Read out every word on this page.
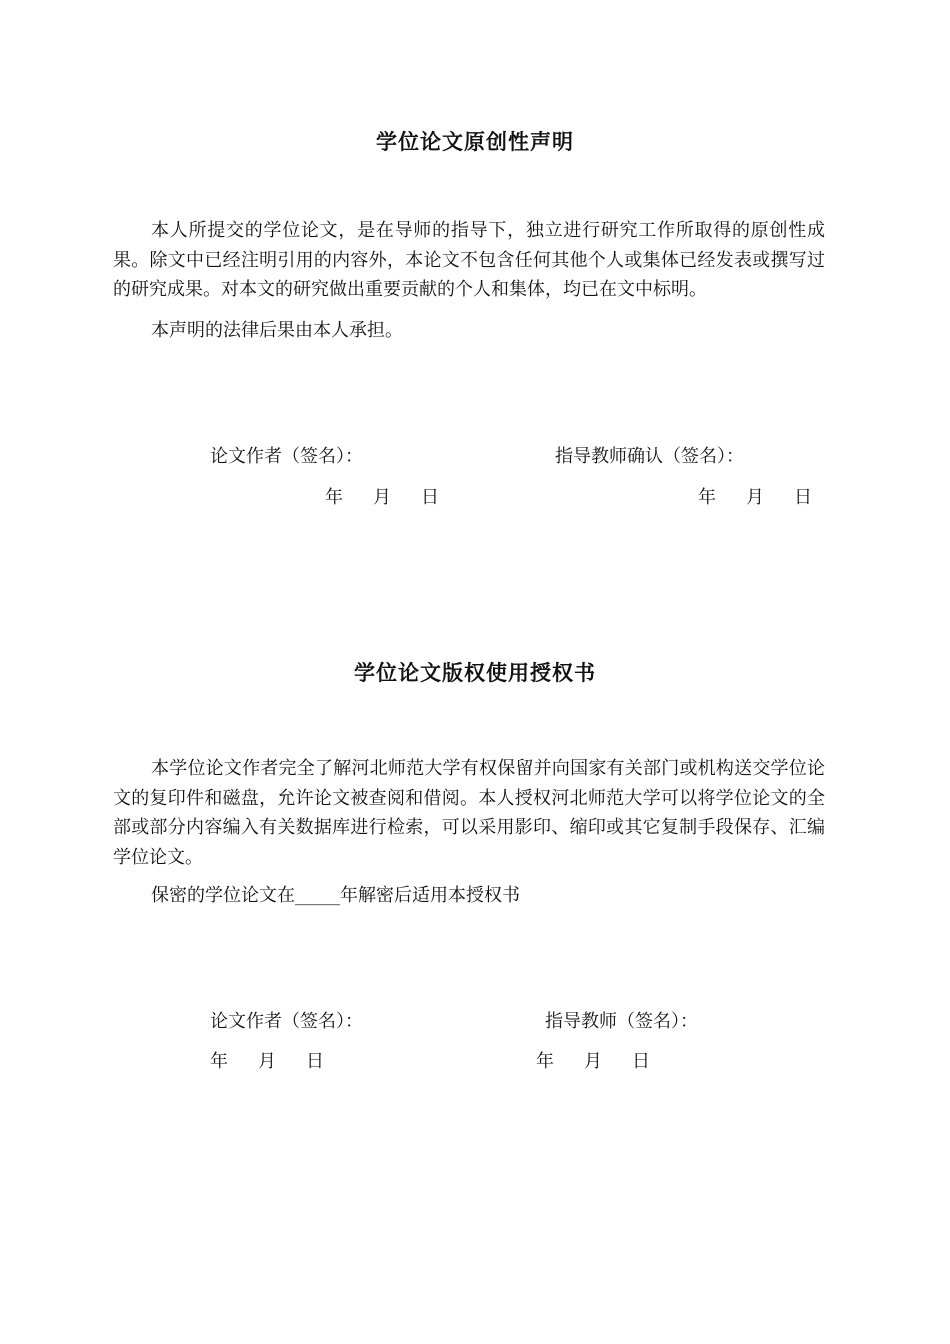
学位论文原创性声明
本人所提交的学位论文，是在导师的指导下，独立进行研究工作所取得的原创性成果。除文中已经注明引用的内容外，本论文不包含任何其他个人或集体已经发表或撰写过的研究成果。对本文的研究做出重要贡献的个人和集体，均已在文中标明。
本声明的法律后果由本人承担。
论文作者（签名）：	指导教师确认（签名）：
年 月 日	年 月 日
学位论文版权使用授权书
本学位论文作者完全了解河北师范大学有权保留并向国家有关部门或机构送交学位论文的复印件和磁盘，允许论文被查阅和借阅。本人授权河北师范大学可以将学位论文的全部或部分内容编入有关数据库进行检索，可以采用影印、缩印或其它复制手段保存、汇编学位论文。
保密的学位论文在_____年解密后适用本授权书
论文作者（签名）：	指导教师（签名）：
年 月 日	年 月 日
